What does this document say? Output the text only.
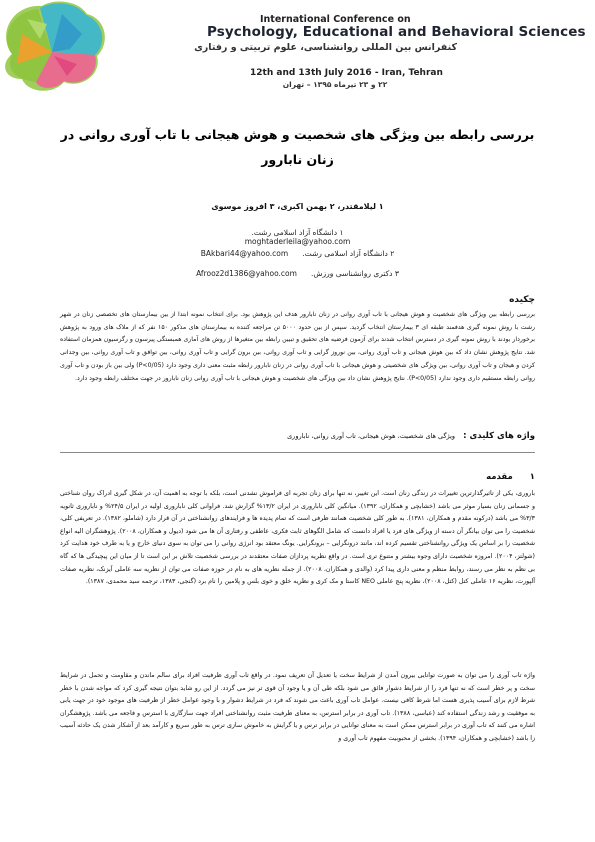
International Conference on
Psychology, Educational and Behavioral Sciences
کنفرانس بین المللی روانشناسی، علوم تربیتی و رفتاری
12th and 13th July 2016 - Iran, Tehran
۲۲ و ۲۳ تیرماه ۱۳۹۵ – تهران
بررسی رابطه بین ویژگی های شخصیت و هوش هیجانی با تاب آوری روانی در زنان نابارور
۱ لیلامقتدر، ۲ بهمن اکبری، ۳ افروز موسوی
۱ دانشگاه آزاد اسلامی رشت.
moghtaderleila@yahoo.com
۲ دانشگاه آزاد اسلامی رشت.
BAkbari44@yahoo.com
۳ دکتری روانشناسی ورزش.
Afrooz2d1386@yahoo.com
چکیده
بررسی رابطه بین ویژگی های شخصیت و هوش هیجانی با تاب آوری روانی در زنان نابارور هدف این پژوهش بود. برای انتخاب نمونه ابتدا از بین بیمارستان های تخصصی زنان در شهر رشت با روش نمونه گیری هدفمند طبقه ای ۳ بیمارستان انتخاب گردید. سپس از بین حدود ۵۰۰۰ تن مراجعه کننده به بیمارستان های مذکور ۱۵۰ نفر که از ملاک های ورود به پژوهش برخوردار بودند با روش نمونه گیری در دسترس انتخاب شدند برای آزمون فرضیه های تحقیق و تبیین رابطه بین متغیرها از روش های آماری همبستگی پیرسون و رگرسیون همزمان استفاده شد. نتایج پژوهش نشان داد که بین هوش هیجانی و تاب آوری روانی، بین نوروز گرایی و تاب آوری روانی، بین برون گرایی و تاب آوری روانی، بین توافق و تاب آوری روانی، بین وجدانی کردن و هیجان و تاب آوری روانی، بین ویژگی های شخصیتی و هوش هیجانی با تاب آوری روانی در زنان نابارور رابطه مثبت معنی داری وجود دارد (P<0/05) ولی بین باز بودن و تاب آوری روانی رابطه مستقیم داری وجود ندارد (P<0/05). نتایج پژوهش نشان داد بین ویژگی های شخصیت و هوش هیجانی با تاب آوری روانی زنان نابارور در جهت مختلف رابطه وجود دارد.
واژه های کلیدی : ویژگی های شخصیت، هوش هیجانی، تاب آوری روانی، ناباروری
۱ مقدمه
باروری، یکی از تاثیرگذارترین تغییرات در زندگی زنان است. این تغییر، نه تنها برای زنان تجربه ای فراموش نشدنی است، بلکه با توجه به اهمیت آن، در شکل گیری ادراک روان شناختی و جسمانی زنان بسیار موثر می باشد (خشابچی و همکاران، ۱۳۹۲). میانگین کلی ناباروری در ایران ۱۳/۲% گزارش شد. فراوانی کلی ناباروری اولیه در ایران ۲۴/۵% و ناباروری ثانویه ۳/۳% می باشد (درکونه مقدم و همکاران، ۱۳۸۱). به طور کلی شخصیت همانند ظرفی است که تمام پدیده ها و فرایندهای روانشناختی در آن قرار دارد (شاملو، ۱۳۸۲). در تعریفی کلی، شخصیت را می توان بیانگر آن دسته از ویژگی های فرد یا افراد دانست که شامل الگوهای ثابت فکری، عاطفی و رفتاری آن ها می شود (دیول و همکاران، ۲۰۰۸). پژوهشگران الیه انواع شخصیت را بر اساس یک ویژگی روانشناختی تقسیم کرده اند، مانند درونگرایی – برونگرایی. یونگ معتقد بود انرژی روانی را می توان به سوی دنیای خارج و یا به طرف خود هدایت کرد (شولتز، ۲۰۰۴). امروزه شخصیت دارای وجوه بیشتر و متنوع تری است. در واقع نظریه پردازان صفات معتقدند در بررسی شخصیت تلاش بر این است تا از میان این پیچیدگی ها که گاه بی نظم به نظر می رسند، روابط منظم و معنی داری پیدا کرد (والدی و همکاران، ۲۰۰۸). از جمله نظریه های به نام در حوزه صفات می توان از نظریه سه عاملی آیزنک، نظریه صفات آلپورت، نظریه ۱۶ عاملی کتل (کتل، ۲۰۰۸)، نظریه پنج عاملی NEO کاستا و مک کری و نظریه خلق و خوی بلس و پلامین را نام برد (گنجی، ۱۳۸۳، ترجمه سید محمدی، ۱۳۸۷).
واژه تاب آوری را می توان به صورت توانایی بیرون آمدن از شرایط سخت یا تعدیل آن تعریف نمود. در واقع تاب آوری ظرفیت افراد برای سالم ماندن و مقاومت و تحمل در شرایط سخت و پر خطر است که نه تنها فرد را از شرایط دشوار فائق می شود بلکه طی آن و یا وجود آن قوی تر نیز می گردد. از این رو شاید بتوان نتیجه گیری کرد که مواجه شدن با خطر شرط لازم برای آسیب پذیری هست اما شرط کافی نیست. عوامل تاب آوری باعث می شوند که فرد در شرایط دشوار و با وجود عوامل خطر از ظرفیت های موجود خود در جهت یابی به موفقیت و رشد زندگی استفاده کند (عباسی، ۱۳۸۸). تاب آوری در برابر استرس، به معنای ظرفیت مثبت روانشناختی افراد جهت سازگاری با استرس و فاجعه می باشد. پژوهشگران اشاره می کنند که تاب آوری در برابر استرس ممکن است به معنای توانایی در برابر ترس و یا گرایش به خاموش سازی ترس به طور سریع و کارآمد بعد از آشکار شدن یک حادثه آسیب زا باشد (خشابچی و همکاران، ۱۳۹۴). بخشی از محبوبیت مفهوم تاب آوری و
